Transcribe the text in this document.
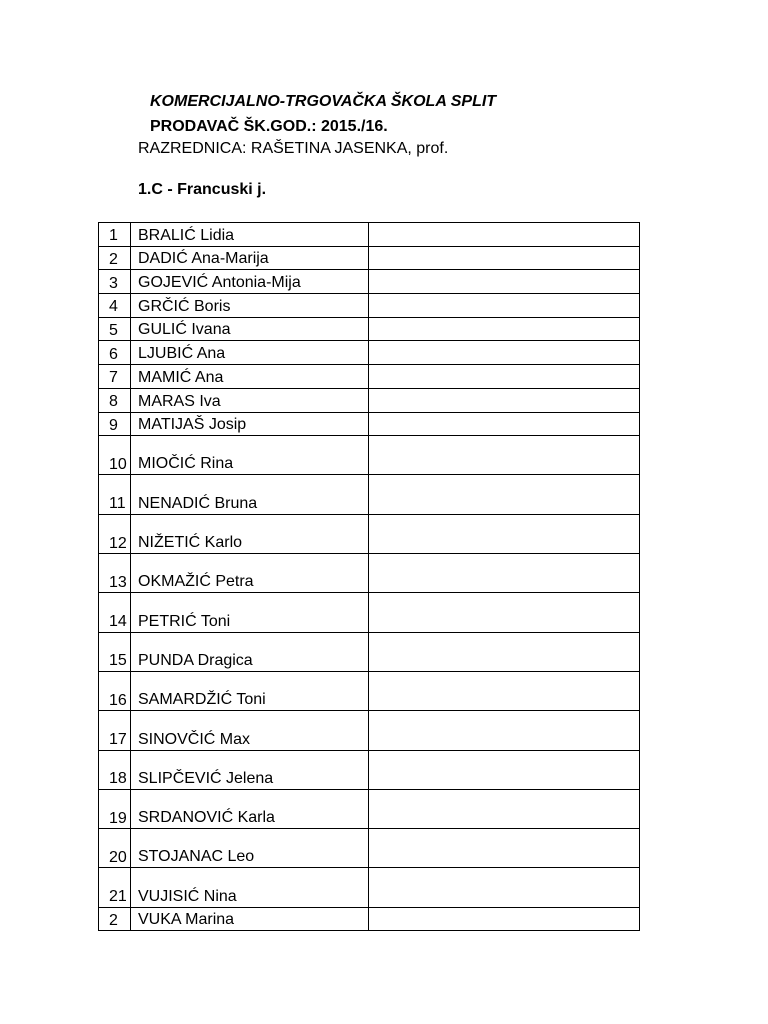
KOMERCIJALNO-TRGOVAČKA ŠKOLA SPLIT
PRODAVAČ ŠK.GOD.: 2015./16.
RAZREDNICA: RAŠETINA JASENKA, prof.
1.C - Francuski j.
1	BRALIĆ Lidia	
2	DADIĆ Ana-Marija	
3	GOJEVIĆ Antonia-Mija	
4	GRČIĆ Boris	
5	GULIĆ Ivana	
6	LJUBIĆ Ana	
7	MAMIĆ Ana	
8	MARAS Iva	
9	MATIJAŠ Josip	
10	MIOČIĆ Rina	
11	NENADIĆ Bruna	
12	NIŽETIĆ Karlo	
13	OKMAŽIĆ Petra	
14	PETRIĆ Toni	
15	PUNDA Dragica	
16	SAMARDŽIĆ Toni	
17	SINOVČIĆ Max	
18	SLIPČEVIĆ Jelena	
19	SRDANOVIĆ Karla	
20	STOJANAC Leo	
21	VUJISIĆ Nina	
2	VUKA Marina	
